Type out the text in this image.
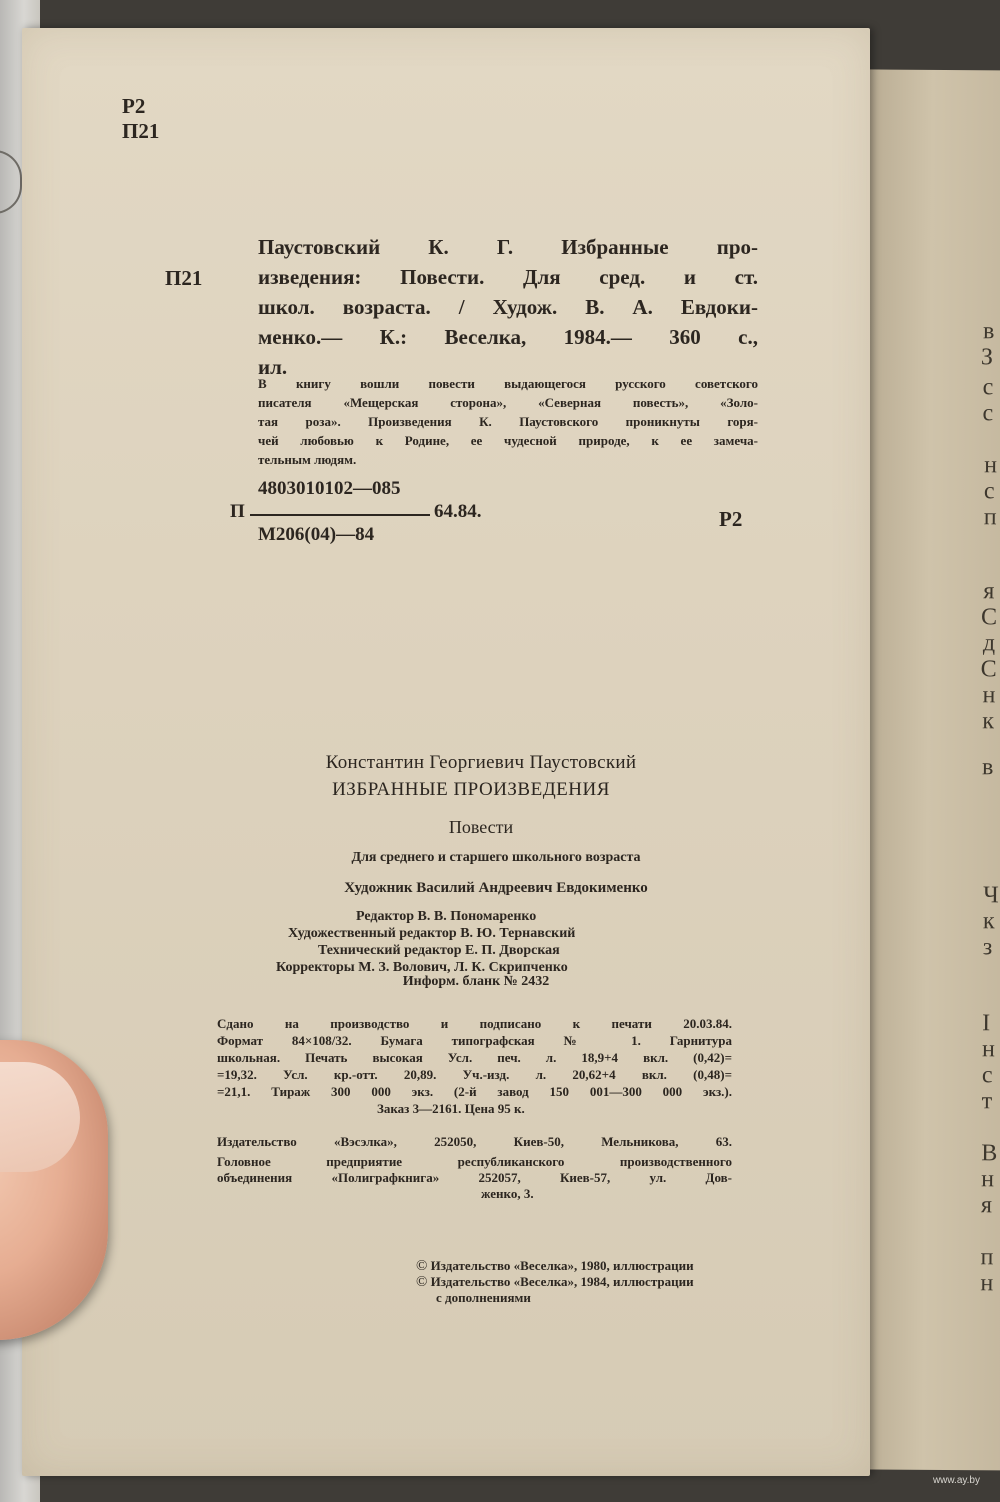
в
З
с
с
н
с
п
я
С
д
С
н
к
в
Ч
к
з
I
н
с
т
В
н
я
п
н
Р2
П21
П21
Паустовский К. Г. Избранные про-
изведения: Повести. Для сред. и ст.
школ. возраста. / Худож. В. А. Евдоки-
менко.— К.: Веселка, 1984.— 360 с.,
ил.
В книгу вошли повести выдающегося русского советского
писателя «Мещерская сторона», «Северная повесть», «Золо-
тая роза». Произведения К. Паустовского проникнуты горя-
чей любовью к Родине, ее чудесной природе, к ее замеча-
тельным людям.
4803010102—085
П	64.84.
М206(04)—84
Р2
Константин Георгиевич Паустовский
ИЗБРАННЫЕ ПРОИЗВЕДЕНИЯ
Повести
Для среднего и старшего школьного возраста
Художник Василий Андреевич Евдокименко
Редактор В. В. Пономаренко
Художественный редактор В. Ю. Тернавский
Технический редактор Е. П. Дворская
Корректоры М. З. Волович, Л. К. Скрипченко
Информ. бланк № 2432
Сдано на производство и подписано к печати 20.03.84.
Формат 84×108/32. Бумага типографская № 1. Гарнитура
школьная. Печать высокая Усл. печ. л. 18,9+4 вкл. (0,42)=
=19,32. Усл. кр.-отт. 20,89. Уч.-изд. л. 20,62+4 вкл. (0,48)=
=21,1. Тираж 300 000 экз. (2-й завод 150 001—300 000 экз.).
Заказ 3—2161. Цена 95 к.
Издательство «Вэсэлка», 252050, Киев-50, Мельникова, 63.
Головное предприятие республиканского производственного
объединения «Полиграфкнига» 252057, Киев-57, ул. Дов-
женко, 3.
© Издательство «Веселка», 1980, иллюстрации
© Издательство «Веселка», 1984, иллюстрации
с дополнениями
www.ay.by
